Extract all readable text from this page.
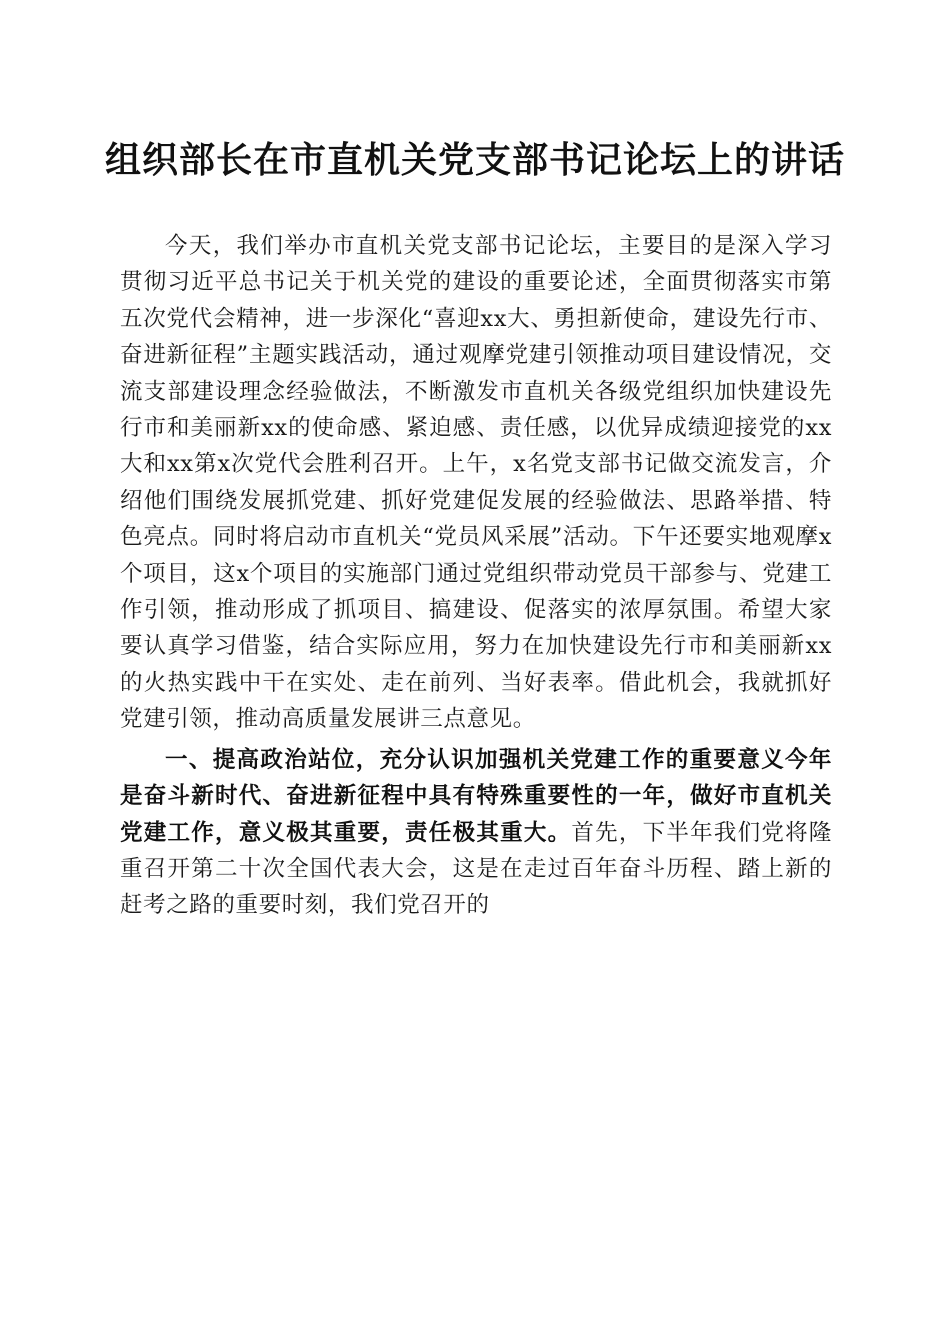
组织部长在市直机关党支部书记论坛上的讲话

今天，我们举办市直机关党支部书记论坛，主要目的是深入学习贯彻习近平总书记关于机关党的建设的重要论述，全面贯彻落实市第五次党代会精神，进一步深化“喜迎xx大、勇担新使命，建设先行市、奋进新征程”主题实践活动，通过观摩党建引领推动项目建设情况，交流支部建设理念经验做法，不断激发市直机关各级党组织加快建设先行市和美丽新xx的使命感、紧迫感、责任感，以优异成绩迎接党的xx大和xx第x次党代会胜利召开。上午，x名党支部书记做交流发言，介绍他们围绕发展抓党建、抓好党建促发展的经验做法、思路举措、特色亮点。同时将启动市直机关“党员风采展”活动。下午还要实地观摩x个项目，这x个项目的实施部门通过党组织带动党员干部参与、党建工作引领，推动形成了抓项目、搞建设、促落实的浓厚氛围。希望大家要认真学习借鉴，结合实际应用，努力在加快建设先行市和美丽新xx的火热实践中干在实处、走在前列、当好表率。借此机会，我就抓好党建引领，推动高质量发展讲三点意见。

一、提高政治站位，充分认识加强机关党建工作的重要意义今年是奋斗新时代、奋进新征程中具有特殊重要性的一年，做好市直机关党建工作，意义极其重要，责任极其重大。首先，下半年我们党将隆重召开第二十次全国代表大会，这是在走过百年奋斗历程、踏上新的赶考之路的重要时刻，我们党召开的
